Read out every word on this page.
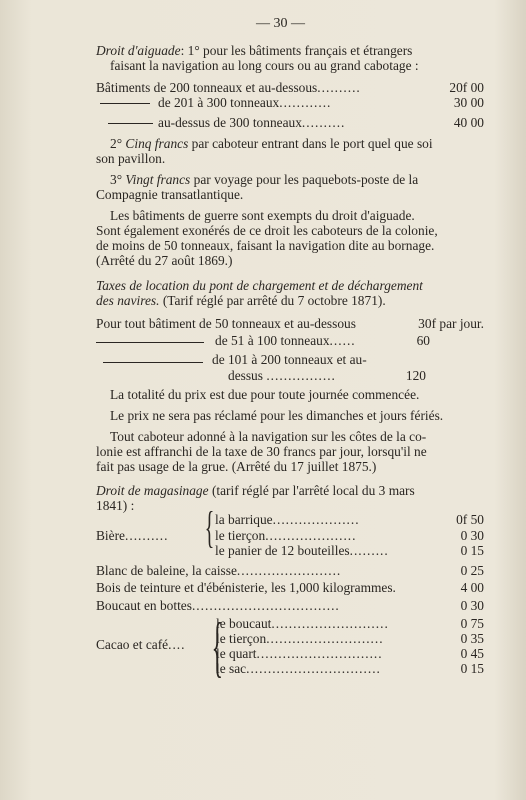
— 30 —
Droit d'aiguade: 1° pour les bâtiments français et étrangers
faisant la navigation au long cours ou au grand cabotage :
Bâtiments de 200 tonneaux et au-dessous..........	20f 00
de 201 à 300 tonneaux............	30 00
au-dessus de 300 tonneaux..........	40 00
2° Cinq francs par caboteur entrant dans le port quel que soi
son pavillon.
3° Vingt francs par voyage pour les paquebots-poste de la
Compagnie transatlantique.
Les bâtiments de guerre sont exempts du droit d'aiguade.
Sont également exonérés de ce droit les caboteurs de la colonie,
de moins de 50 tonneaux, faisant la navigation dite au bornage.
(Arrêté du 27 août 1869.)
Taxes de location du pont de chargement et de déchargement
des navires. (Tarif réglé par arrêté du 7 octobre 1871).
Pour tout bâtiment de 50 tonneaux et au-dessous	30f par jour.
de 51 à 100 tonneaux......	60
de 101 à 200 tonneaux et au-
dessus ................	120
La totalité du prix est due pour toute journée commencée.
Le prix ne sera pas réclamé pour les dimanches et jours fériés.
Tout caboteur adonné à la navigation sur les côtes de la co-
lonie est affranchi de la taxe de 30 francs par jour, lorsqu'il ne
fait pas usage de la grue. (Arrêté du 17 juillet 1875.)
Droit de magasinage (tarif réglé par l'arrêté local du 3 mars
1841) :
Bière.......... { la barrique....................	0f 50
le tierçon.....................	0 30
le panier de 12 bouteilles.........	0 15
Blanc de baleine, la caisse........................	0 25
Bois de teinture et d'ébénisterie, les 1,000 kilogrammes.	4 00
Boucaut en bottes..................................	0 30
Cacao et café.... {
le boucaut...........................	0 75
le tierçon...........................	0 35
le quart.............................	0 45
le sac...............................	0 15
